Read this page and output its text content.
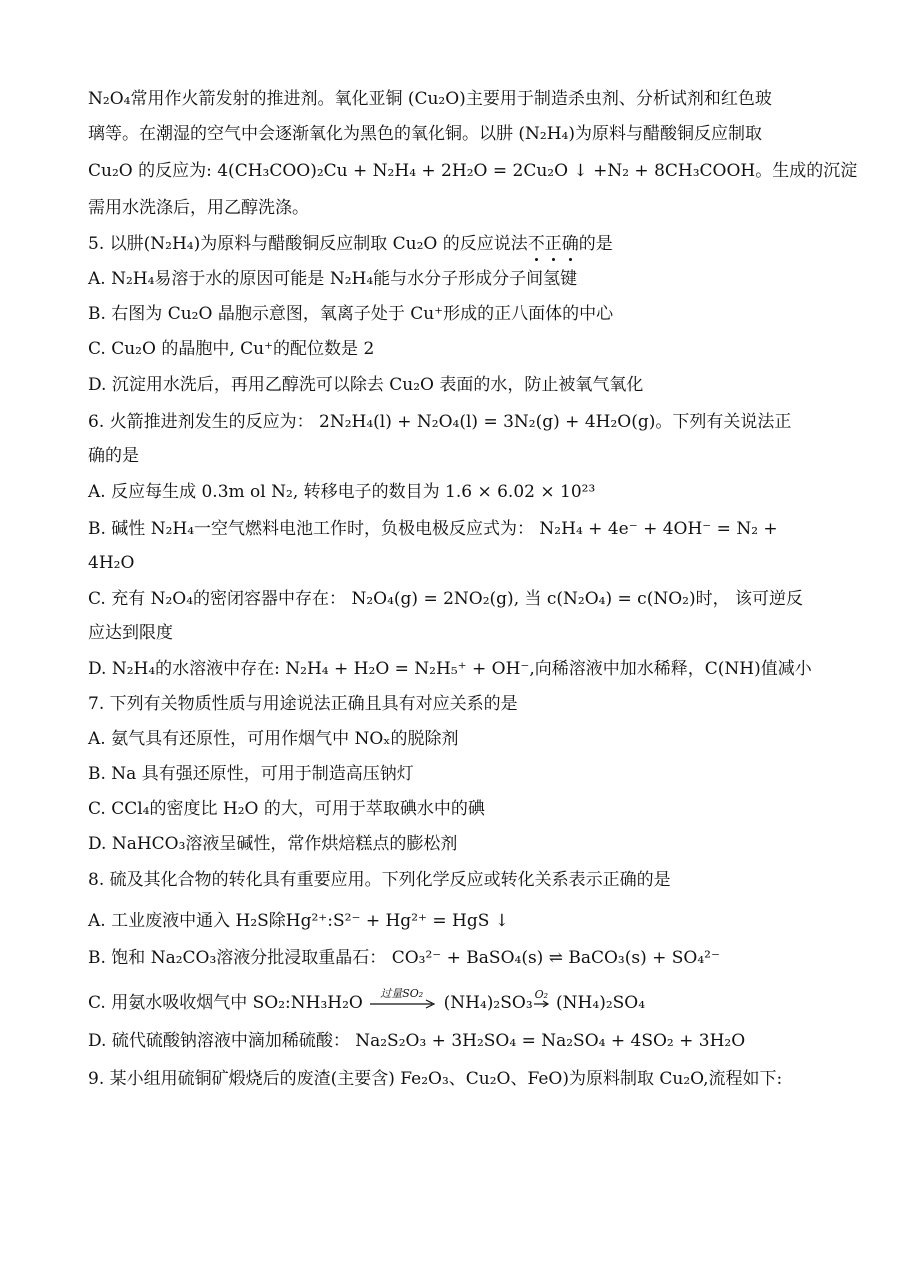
N₂O₄常用作火箭发射的推进剂。氧化亚铜 (Cu₂O)主要用于制造杀虫剂、分析试剂和红色玻
璃等。在潮湿的空气中会逐渐氧化为黑色的氧化铜。以肼 (N₂H₄)为原料与醋酸铜反应制取
Cu₂O 的反应为: 4(CH₃COO)₂Cu + N₂H₄ + 2H₂O = 2Cu₂O ↓ +N₂ + 8CH₃COOH。生成的沉淀
需用水洗涤后，用乙醇洗涤。
5. 以肼(N₂H₄)为原料与醋酸铜反应制取 Cu₂O 的反应说法不正确的是
A. N₂H₄易溶于水的原因可能是 N₂H₄能与水分子形成分子间氢键
B. 右图为 Cu₂O 晶胞示意图，氧离子处于 Cu⁺形成的正八面体的中心
C. Cu₂O 的晶胞中, Cu⁺的配位数是 2
D. 沉淀用水洗后，再用乙醇洗可以除去 Cu₂O 表面的水，防止被氧气氧化
6. 火箭推进剂发生的反应为： 2N₂H₄(l) + N₂O₄(l) = 3N₂(g) + 4H₂O(g)。下列有关说法正
确的是
A. 反应每生成 0.3m ol N₂, 转移电子的数目为 1.6 × 6.02 × 10²³
B. 碱性 N₂H₄一空气燃料电池工作时，负极电极反应式为： N₂H₄ + 4e⁻ + 4OH⁻ = N₂ +
4H₂O
C. 充有 N₂O₄的密闭容器中存在： N₂O₄(g) = 2NO₂(g), 当 c(N₂O₄) = c(NO₂)时， 该可逆反
应达到限度
D. N₂H₄的水溶液中存在: N₂H₄ + H₂O = N₂H₅⁺ + OH⁻,向稀溶液中加水稀释，C(NH)值减小
7. 下列有关物质性质与用途说法正确且具有对应关系的是
A. 氨气具有还原性，可用作烟气中 NOₓ的脱除剂
B. Na 具有强还原性，可用于制造高压钠灯
C. CCl₄的密度比 H₂O 的大，可用于萃取碘水中的碘
D. NaHCO₃溶液呈碱性，常作烘焙糕点的膨松剂
8. 硫及其化合物的转化具有重要应用。下列化学反应或转化关系表示正确的是
A. 工业废液中通入 H₂S除Hg²⁺:S²⁻ + Hg²⁺ = HgS ↓
B. 饱和 Na₂CO₃溶液分批浸取重晶石： CO₃²⁻ + BaSO₄(s) ⇌ BaCO₃(s) + SO₄²⁻
C. 用氨水吸收烟气中 SO₂:NH₃H₂O 过量SO₂ (NH₄)₂SO₃ O₂ (NH₄)₂SO₄
D. 硫代硫酸钠溶液中滴加稀硫酸： Na₂S₂O₃ + 3H₂SO₄ = Na₂SO₄ + 4SO₂ + 3H₂O
9. 某小组用硫铜矿煅烧后的废渣(主要含) Fe₂O₃、Cu₂O、FeO)为原料制取 Cu₂O,流程如下:
